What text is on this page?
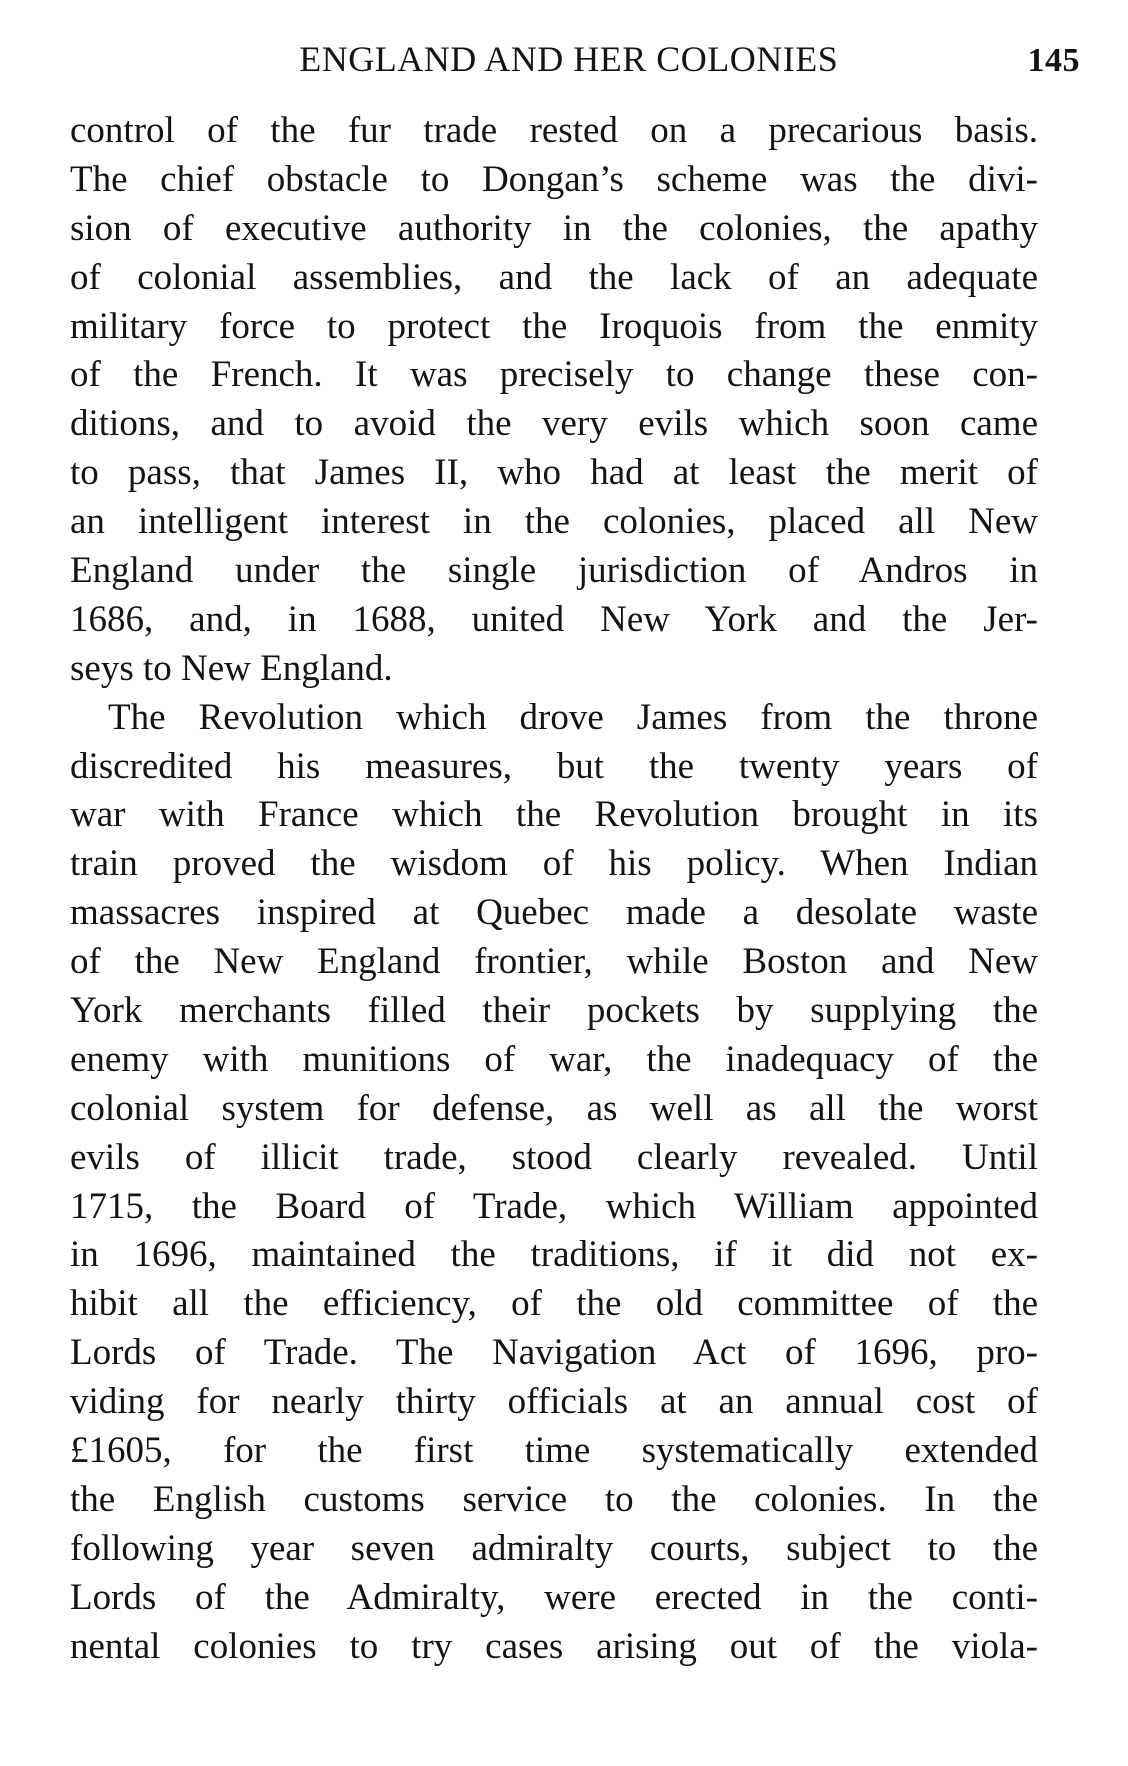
ENGLAND AND HER COLONIES	145
control of the fur trade rested on a precarious basis.
The chief obstacle to Dongan’s scheme was the divi-
sion of executive authority in the colonies, the apathy
of colonial assemblies, and the lack of an adequate
military force to protect the Iroquois from the enmity
of the French. It was precisely to change these con-
ditions, and to avoid the very evils which soon came
to pass, that James II, who had at least the merit of
an intelligent interest in the colonies, placed all New
England under the single jurisdiction of Andros in
1686, and, in 1688, united New York and the Jer-
seys to New England.
The Revolution which drove James from the throne
discredited his measures, but the twenty years of
war with France which the Revolution brought in its
train proved the wisdom of his policy. When Indian
massacres inspired at Quebec made a desolate waste
of the New England frontier, while Boston and New
York merchants filled their pockets by supplying the
enemy with munitions of war, the inadequacy of the
colonial system for defense, as well as all the worst
evils of illicit trade, stood clearly revealed. Until
1715, the Board of Trade, which William appointed
in 1696, maintained the traditions, if it did not ex-
hibit all the efficiency, of the old committee of the
Lords of Trade. The Navigation Act of 1696, pro-
viding for nearly thirty officials at an annual cost of
£1605, for the first time systematically extended
the English customs service to the colonies. In the
following year seven admiralty courts, subject to the
Lords of the Admiralty, were erected in the conti-
nental colonies to try cases arising out of the viola-
